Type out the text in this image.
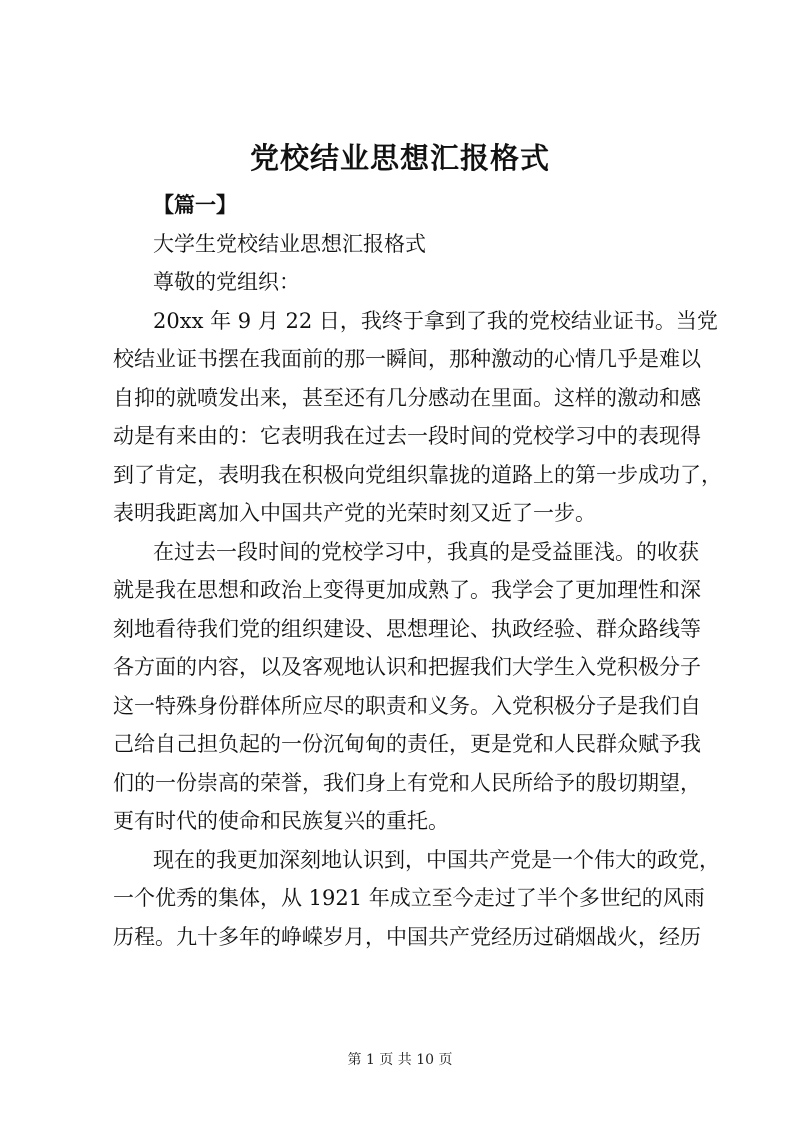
党校结业思想汇报格式
【篇一】
大学生党校结业思想汇报格式
尊敬的党组织：
20xx 年 9 月 22 日，我终于拿到了我的党校结业证书。当党
校结业证书摆在我面前的那一瞬间，那种激动的心情几乎是难以
自抑的就喷发出来，甚至还有几分感动在里面。这样的激动和感
动是有来由的：它表明我在过去一段时间的党校学习中的表现得
到了肯定，表明我在积极向党组织靠拢的道路上的第一步成功了，
表明我距离加入中国共产党的光荣时刻又近了一步。
在过去一段时间的党校学习中，我真的是受益匪浅。的收获
就是我在思想和政治上变得更加成熟了。我学会了更加理性和深
刻地看待我们党的组织建设、思想理论、执政经验、群众路线等
各方面的内容，以及客观地认识和把握我们大学生入党积极分子
这一特殊身份群体所应尽的职责和义务。入党积极分子是我们自
己给自己担负起的一份沉甸甸的责任，更是党和人民群众赋予我
们的一份崇高的荣誉，我们身上有党和人民所给予的殷切期望，
更有时代的使命和民族复兴的重托。
现在的我更加深刻地认识到，中国共产党是一个伟大的政党，
一个优秀的集体，从 1921 年成立至今走过了半个多世纪的风雨
历程。九十多年的峥嵘岁月，中国共产党经历过硝烟战火，经历
第 1 页 共 10 页
